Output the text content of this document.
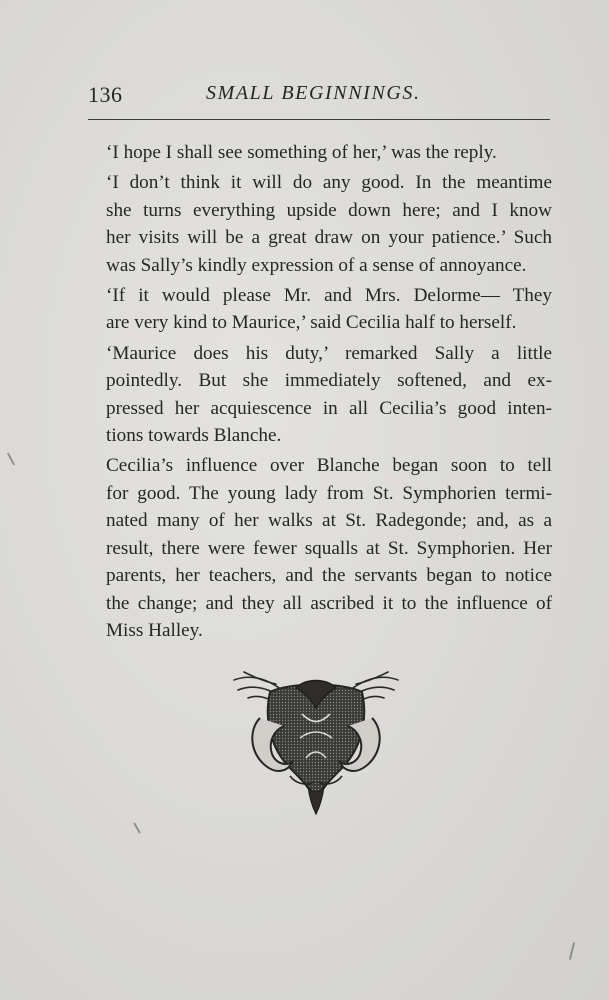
136	SMALL BEGINNINGS.

‘I hope I shall see something of her,’ was the reply.

‘I don’t think it will do any good. In the meantime
she turns everything upside down here; and I know
her visits will be a great draw on your patience.’ Such
was Sally’s kindly expression of a sense of annoyance.

‘If it would please Mr. and Mrs. Delorme— They
are very kind to Maurice,’ said Cecilia half to herself.

‘Maurice does his duty,’ remarked Sally a little
pointedly. But she immediately softened, and ex-
pressed her acquiescence in all Cecilia’s good inten-
tions towards Blanche.

Cecilia’s influence over Blanche began soon to tell
for good. The young lady from St. Symphorien termi-
nated many of her walks at St. Radegonde; and, as a
result, there were fewer squalls at St. Symphorien. Her
parents, her teachers, and the servants began to notice
the change; and they all ascribed it to the influence of
Miss Halley.
